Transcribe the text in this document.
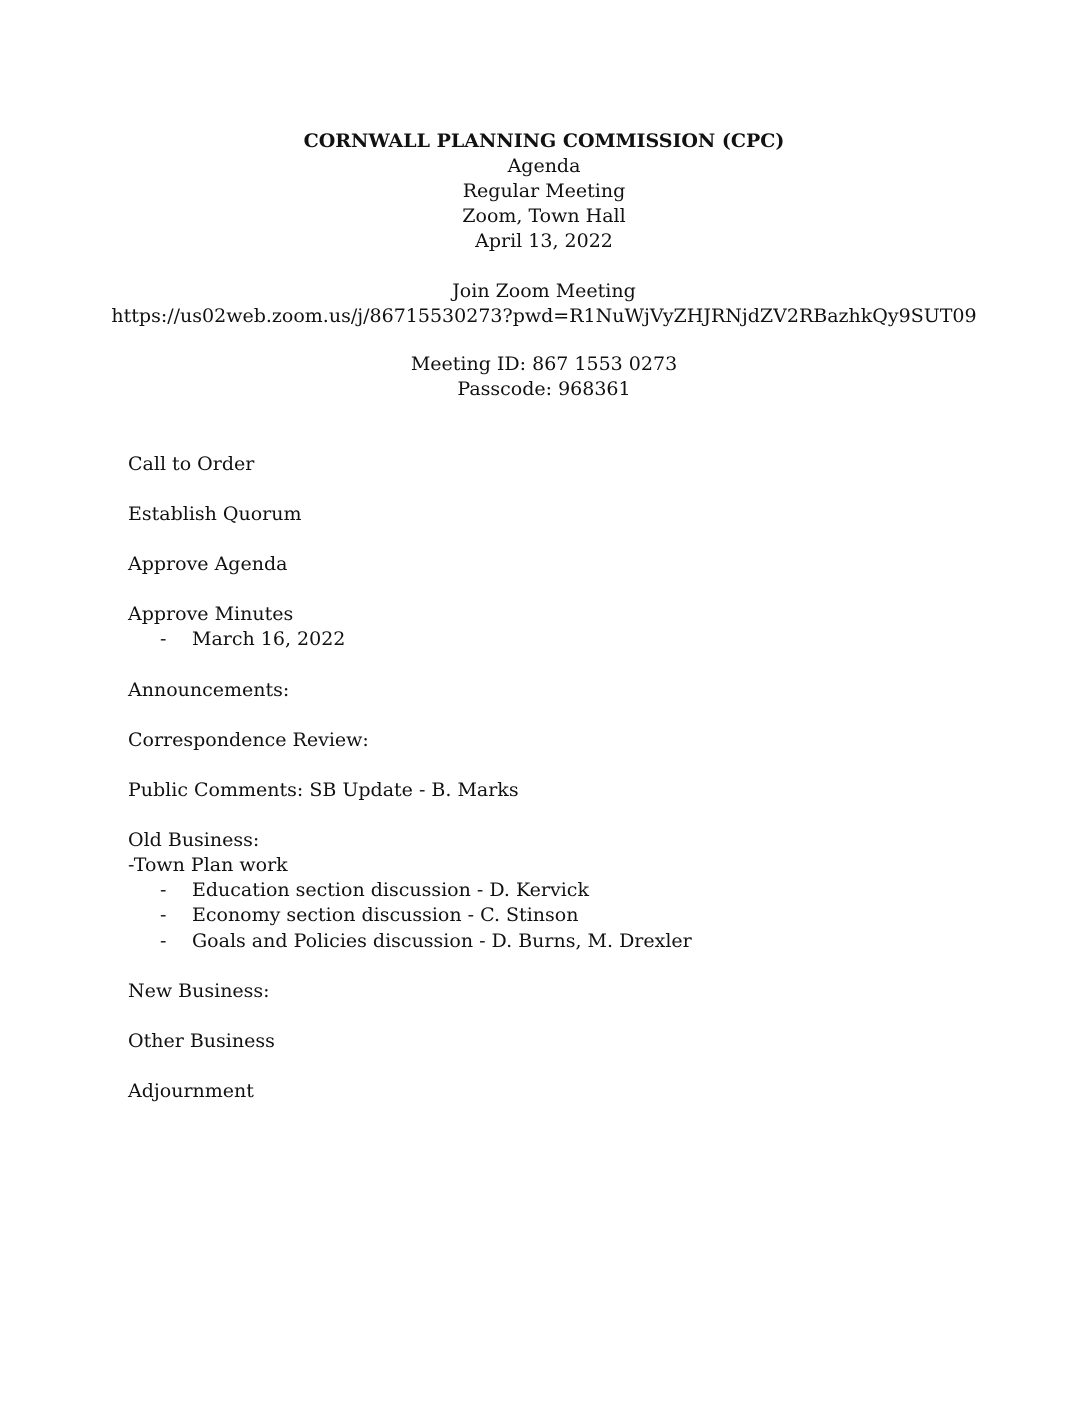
CORNWALL PLANNING COMMISSION (CPC)
Agenda
Regular Meeting
Zoom, Town Hall
April 13, 2022
Join Zoom Meeting
https://us02web.zoom.us/j/86715530273?pwd=R1NuWjVyZHJRNjdZV2RBazhkQy9SUT09
Meeting ID: 867 1553 0273
Passcode: 968361
Call to Order
Establish Quorum
Approve Agenda
Approve Minutes
- March 16, 2022
Announcements:
Correspondence Review:
Public Comments: SB Update - B. Marks
Old Business:
-Town Plan work
- Education section discussion - D. Kervick
- Economy section discussion - C. Stinson
- Goals and Policies discussion - D. Burns, M. Drexler
New Business:
Other Business
Adjournment
